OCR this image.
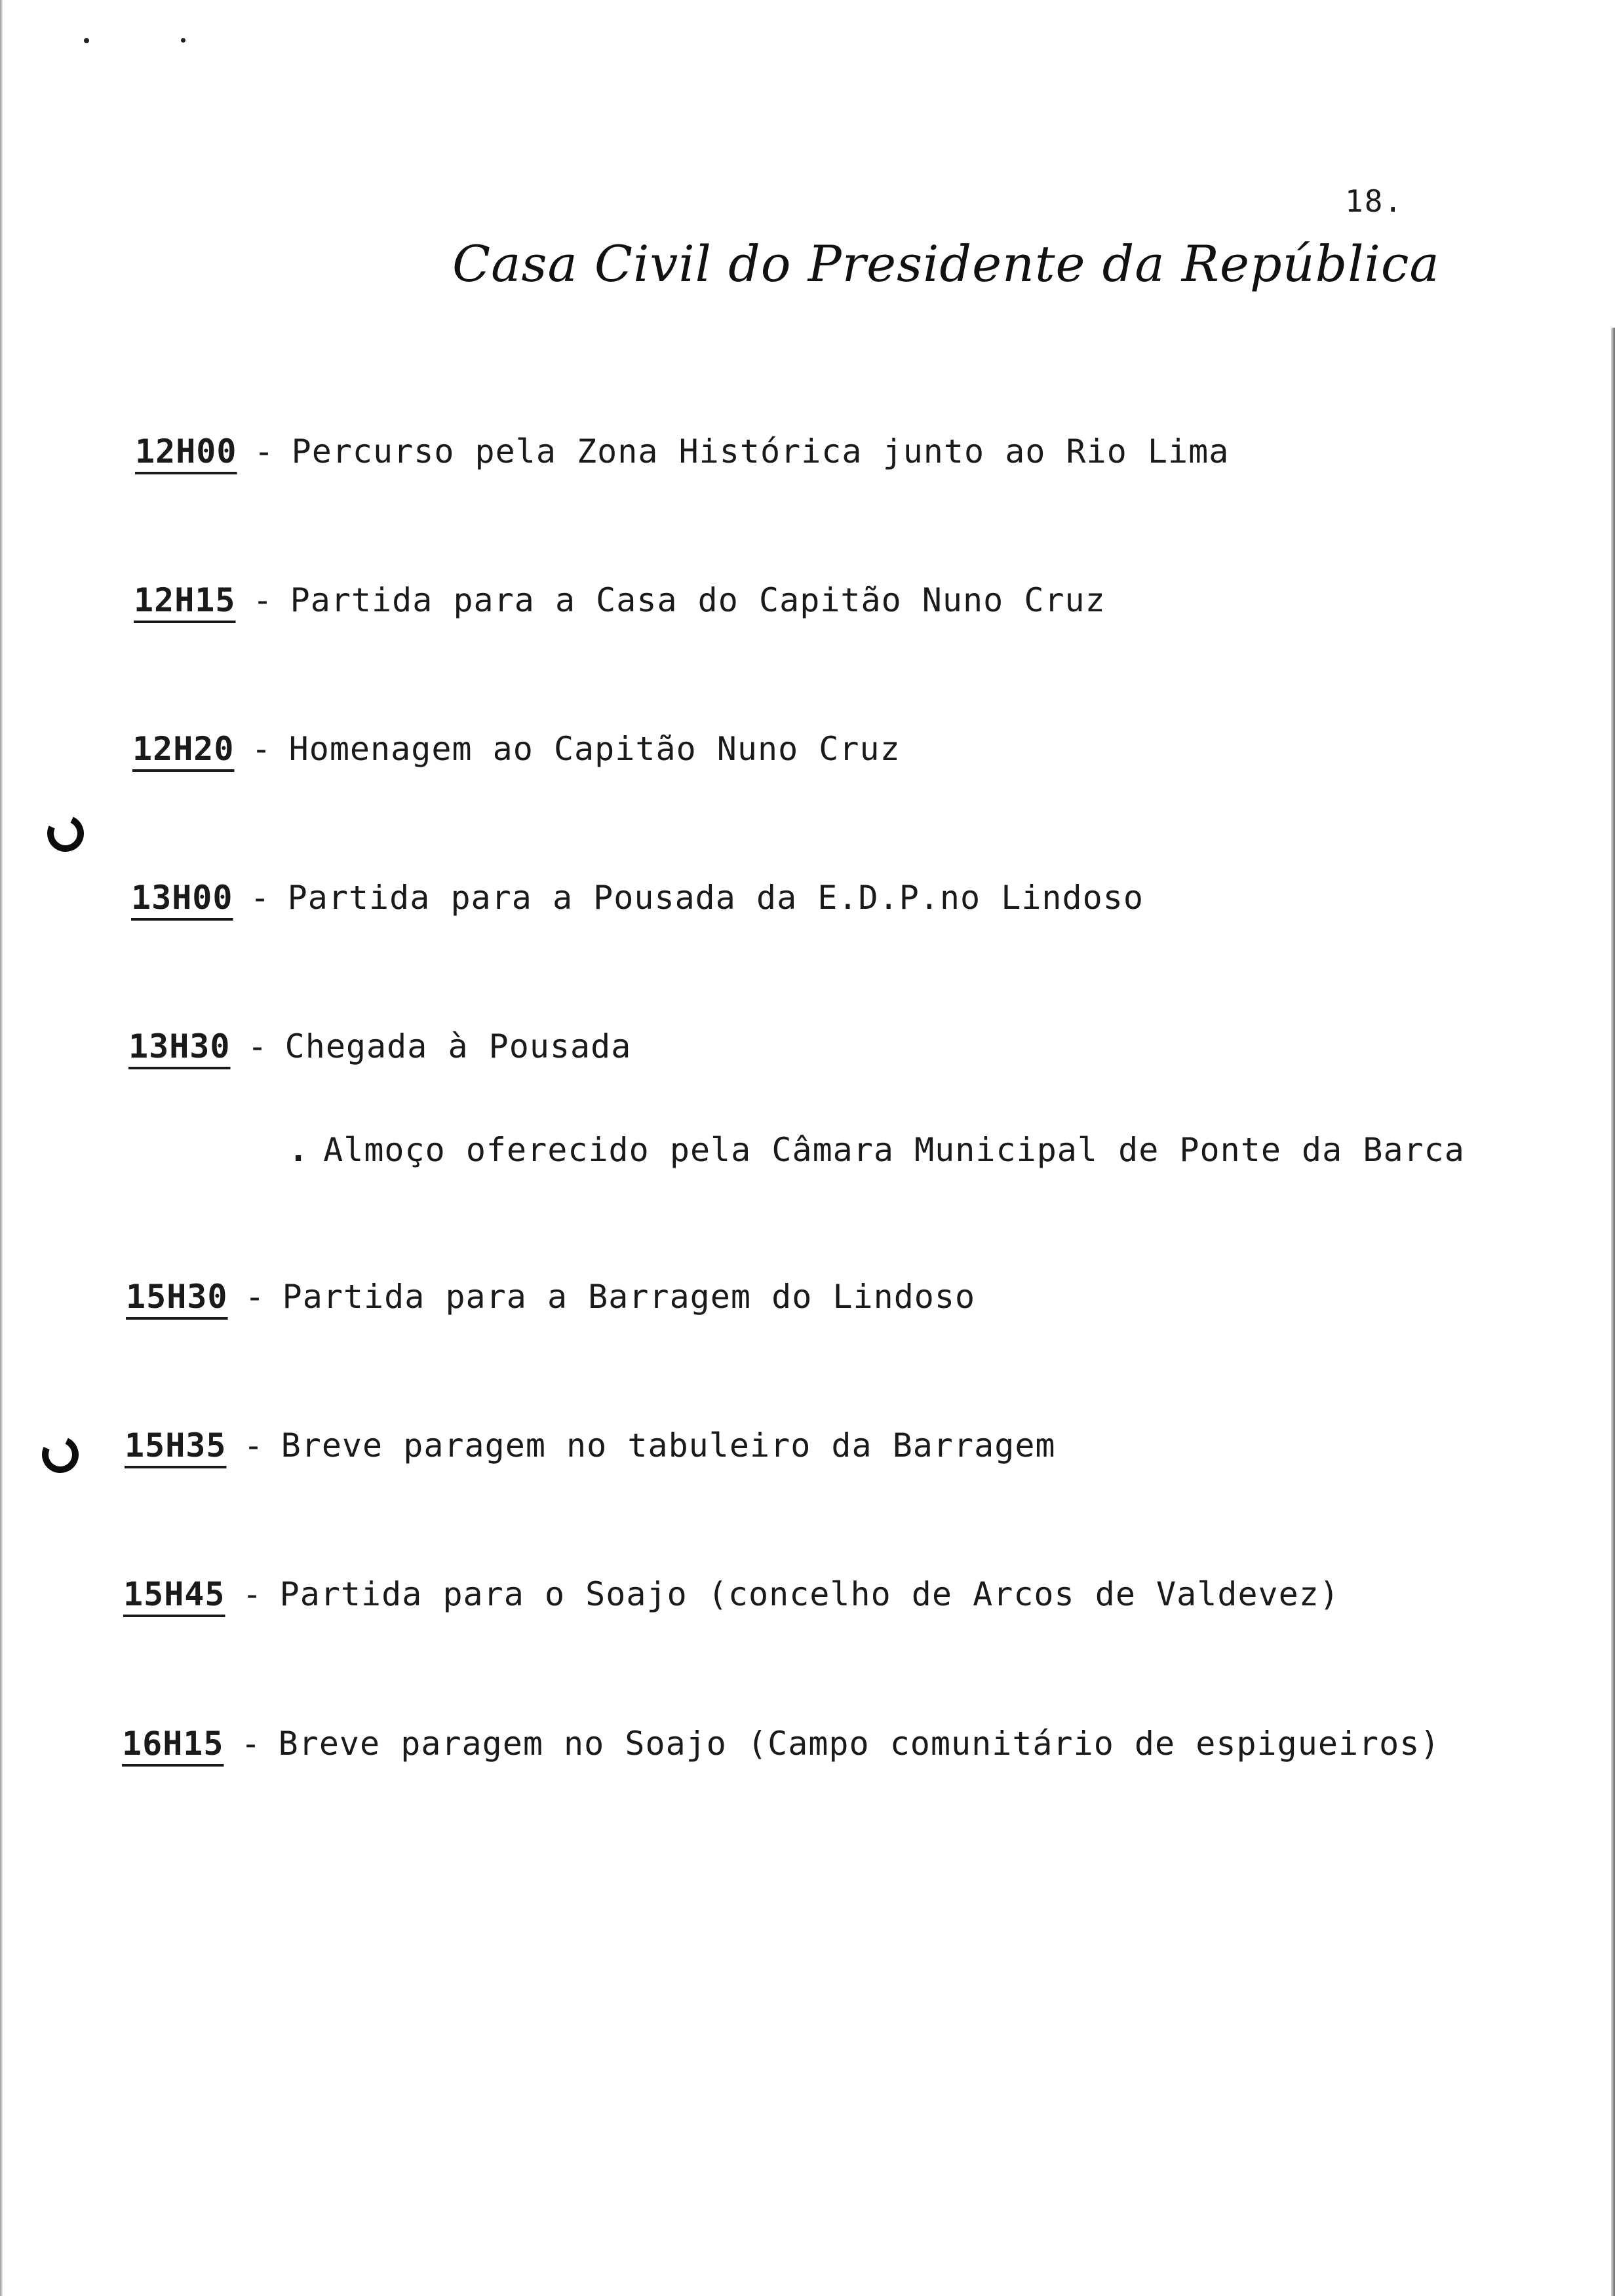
18.
Casa Civil do Presidente da República
12H00 - Percurso pela Zona Histórica junto ao Rio Lima
12H15 - Partida para a Casa do Capitão Nuno Cruz
12H20 - Homenagem ao Capitão Nuno Cruz
13H00 - Partida para a Pousada da E.D.P.no Lindoso
13H30 - Chegada à Pousada
. Almoço oferecido pela Câmara Municipal de Ponte da Barca
15H30 - Partida para a Barragem do Lindoso
15H35 - Breve paragem no tabuleiro da Barragem
15H45 - Partida para o Soajo (concelho de Arcos de Valdevez)
16H15 - Breve paragem no Soajo (Campo comunitário de espigueiros)
